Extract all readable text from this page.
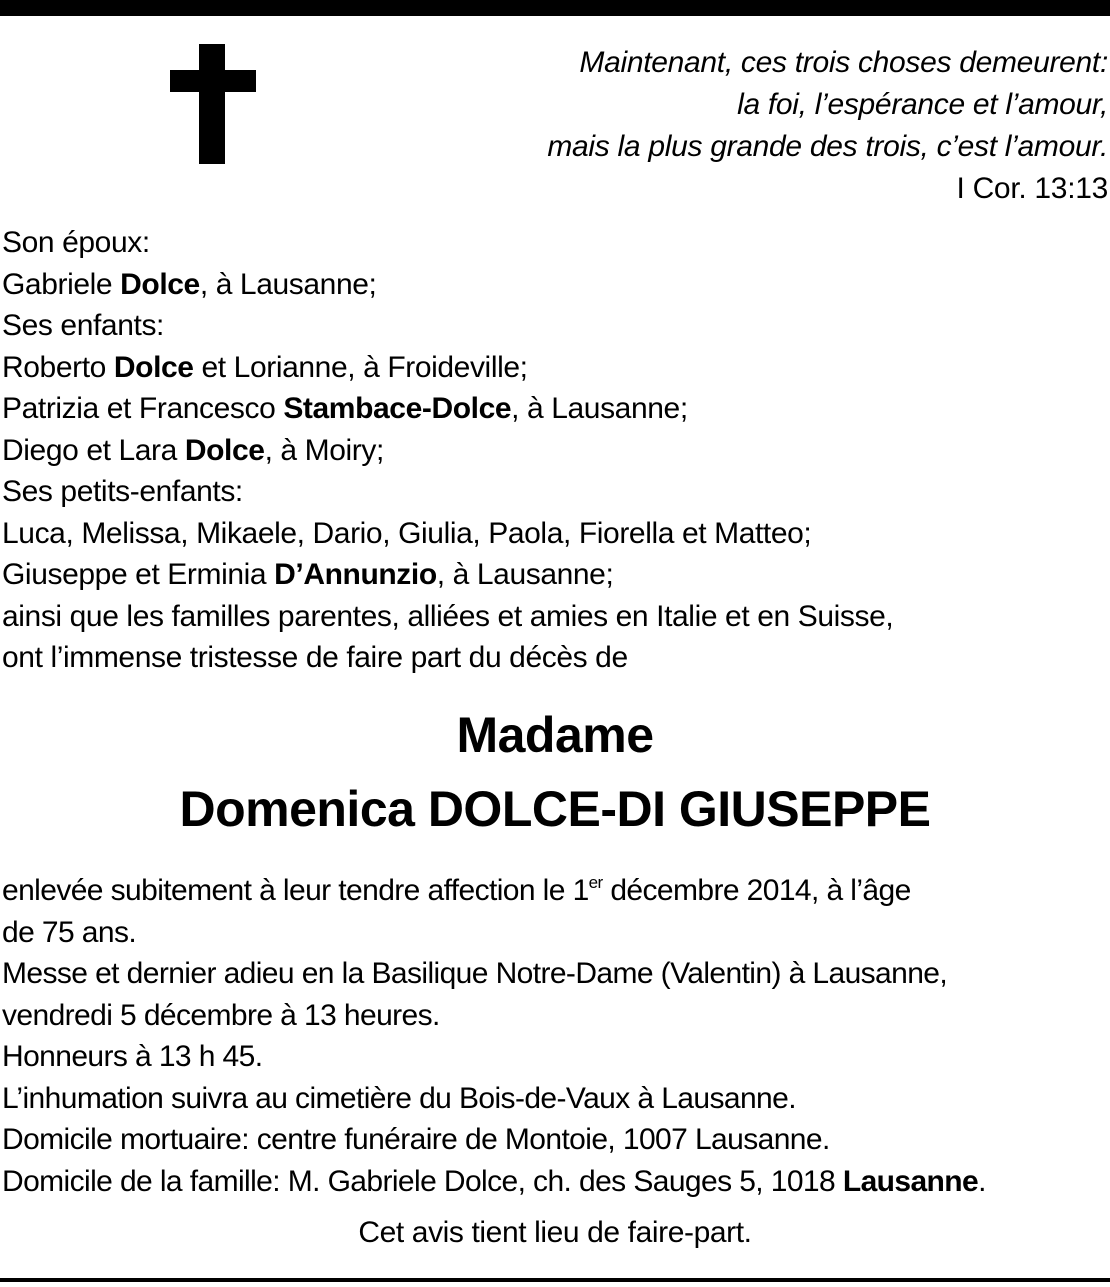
Maintenant, ces trois choses demeurent:
la foi, l’espérance et l’amour,
mais la plus grande des trois, c’est l’amour.
I Cor. 13:13
Son époux:
Gabriele Dolce, à Lausanne;
Ses enfants:
Roberto Dolce et Lorianne, à Froideville;
Patrizia et Francesco Stambace-Dolce, à Lausanne;
Diego et Lara Dolce, à Moiry;
Ses petits-enfants:
Luca, Melissa, Mikaele, Dario, Giulia, Paola, Fiorella et Matteo;
Giuseppe et Erminia D’Annunzio, à Lausanne;
ainsi que les familles parentes, alliées et amies en Italie et en Suisse,
ont l’immense tristesse de faire part du décès de
Madame
Domenica DOLCE-DI GIUSEPPE
enlevée subitement à leur tendre affection le 1er décembre 2014, à l’âge
de 75 ans.
Messe et dernier adieu en la Basilique Notre-Dame (Valentin) à Lausanne,
vendredi 5 décembre à 13 heures.
Honneurs à 13 h 45.
L’inhumation suivra au cimetière du Bois-de-Vaux à Lausanne.
Domicile mortuaire: centre funéraire de Montoie, 1007 Lausanne.
Domicile de la famille: M. Gabriele Dolce, ch. des Sauges 5, 1018 Lausanne.
Cet avis tient lieu de faire-part.
